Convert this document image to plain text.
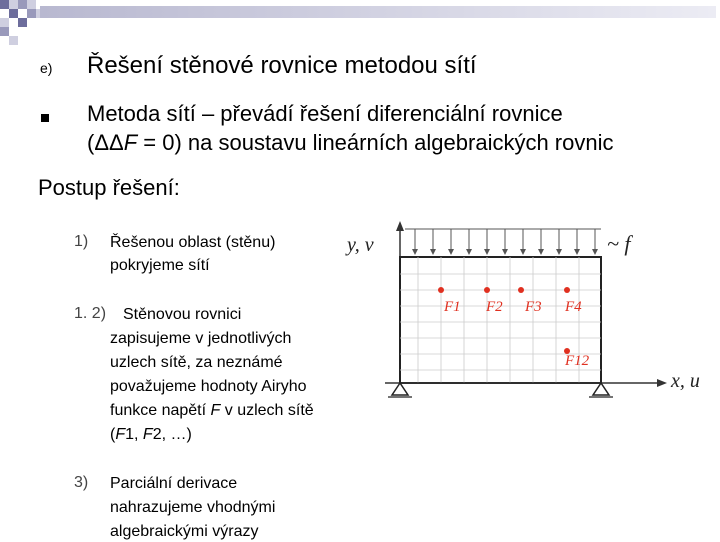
e) Řešení stěnové rovnice metodou sítí
Metoda sítí – převádí řešení diferenciální rovnice
(ΔΔF = 0) na soustavu lineárních algebraických rovnic
Postup řešení:
1) Řešenou oblast (stěnu)
pokryjeme sítí
1. 2) Stěnovou rovnici
zapisujeme v jednotlivých
uzlech sítě, za neznámé
považujeme hodnoty Airyho
funkce napětí F v uzlech sítě
(F1, F2, …)
3) Parciální derivace
nahrazujeme vhodnými
algebraickými výrazy
y, v	~ f
F1 F2 F3 F4
F12
x, u
